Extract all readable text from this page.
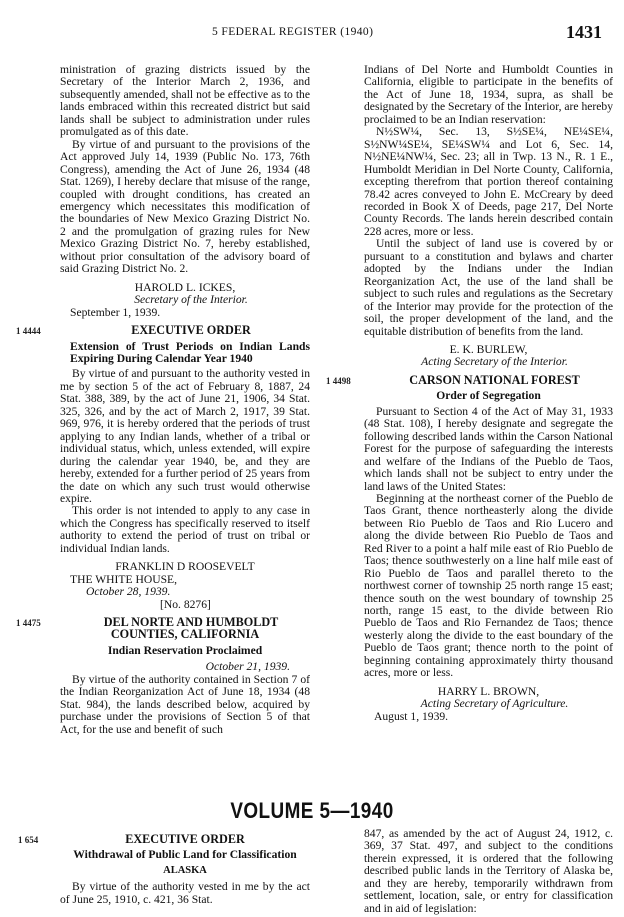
5 FEDERAL REGISTER (1940)	1431

ministration of grazing districts issued by the Secretary of the Interior March 2, 1936, and subsequently amended, shall not be effective as to the lands embraced within this recreated district but said lands shall be subject to administration under rules promulgated as of this date.

By virtue of and pursuant to the provisions of the Act approved July 14, 1939 (Public No. 173, 76th Congress), amending the Act of June 26, 1934 (48 Stat. 1269), I hereby declare that misuse of the range, coupled with drought conditions, has created an emergency which necessitates this modification of the boundaries of New Mexico Grazing District No. 2 and the promulgation of grazing rules for New Mexico Grazing District No. 7, hereby established, without prior consultation of the advisory board of said Grazing District No. 2.

HAROLD L. ICKES,

Secretary of the Interior.

September 1, 1939.

1 4444	EXECUTIVE ORDER

Extension of Trust Periods on Indian Lands Expiring During Calendar Year 1940

By virtue of and pursuant to the authority vested in me by section 5 of the act of February 8, 1887, 24 Stat. 388, 389, by the act of June 21, 1906, 34 Stat. 325, 326, and by the act of March 2, 1917, 39 Stat. 969, 976, it is hereby ordered that the periods of trust applying to any Indian lands, whether of a tribal or individual status, which, unless extended, will expire during the calendar year 1940, be, and they are hereby, extended for a further period of 25 years from the date on which any such trust would otherwise expire.

This order is not intended to apply to any case in which the Congress has specifically reserved to itself authority to extend the period of trust on tribal or individual Indian lands.

FRANKLIN D ROOSEVELT

THE WHITE HOUSE,

October 28, 1939.

[No. 8276]

1 4475	DEL NORTE AND HUMBOLDT COUNTIES, CALIFORNIA

Indian Reservation Proclaimed

October 21, 1939.

By virtue of the authority contained in Section 7 of the Indian Reorganization Act of June 18, 1934 (48 Stat. 984), the lands described below, acquired by purchase under the provisions of Section 5 of that Act, for the use and benefit of such

Indians of Del Norte and Humboldt Counties in California, eligible to participate in the benefits of the Act of June 18, 1934, supra, as shall be designated by the Secretary of the Interior, are hereby proclaimed to be an Indian reservation:

N½SW¼, Sec. 13, S½SE¼, NE¼SE¼, S½NW¼SE¼, SE¼SW¼ and Lot 6, Sec. 14, N½NE¼NW¼, Sec. 23; all in Twp. 13 N., R. 1 E., Humboldt Meridian in Del Norte County, California, excepting therefrom that portion thereof containing 78.42 acres conveyed to John E. McCreary by deed recorded in Book X of Deeds, page 217, Del Norte County Records. The lands herein described contain 228 acres, more or less.

Until the subject of land use is covered by or pursuant to a constitution and bylaws and charter adopted by the Indians under the Indian Reorganization Act, the use of the land shall be subject to such rules and regulations as the Secretary of the Interior may provide for the protection of the soil, the proper development of the land, and the equitable distribution of benefits from the land.

E. K. BURLEW,

Acting Secretary of the Interior.

1 4498	CARSON NATIONAL FOREST

Order of Segregation

Pursuant to Section 4 of the Act of May 31, 1933 (48 Stat. 108), I hereby designate and segregate the following described lands within the Carson National Forest for the purpose of safeguarding the interests and welfare of the Indians of the Pueblo de Taos, which lands shall not be subject to entry under the land laws of the United States:

Beginning at the northeast corner of the Pueblo de Taos Grant, thence northeasterly along the divide between Rio Pueblo de Taos and Rio Lucero and along the divide between Rio Pueblo de Taos and Red River to a point a half mile east of Rio Pueblo de Taos; thence southwesterly on a line half mile east of Rio Pueblo de Taos and parallel thereto to the northwest corner of township 25 north range 15 east; thence south on the west boundary of township 25 north, range 15 east, to the divide between Rio Pueblo de Taos and Rio Fernandez de Taos; thence westerly along the divide to the east boundary of the Pueblo de Taos grant; thence north to the point of beginning containing approximately thirty thousand acres, more or less.

HARRY L. BROWN,

Acting Secretary of Agriculture.

August 1, 1939.

VOLUME 5—1940

1 654	EXECUTIVE ORDER

Withdrawal of Public Land for Classification

ALASKA

By virtue of the authority vested in me by the act of June 25, 1910, c. 421, 36 Stat.

847, as amended by the act of August 24, 1912, c. 369, 37 Stat. 497, and subject to the conditions therein expressed, it is ordered that the following described public lands in the Territory of Alaska be, and they are hereby, temporarily withdrawn from settlement, location, sale, or entry for classification and in aid of legislation:
